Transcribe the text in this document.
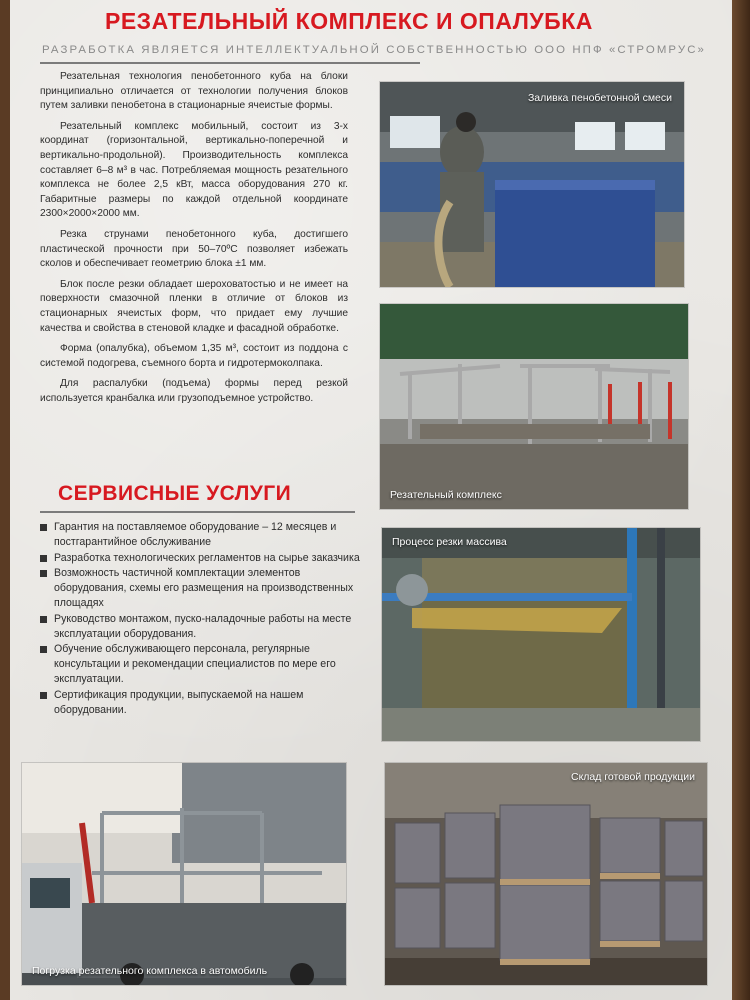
РЕЗАТЕЛЬНЫЙ КОМПЛЕКС И ОПАЛУБКА
РАЗРАБОТКА ЯВЛЯЕТСЯ ИНТЕЛЛЕКТУАЛЬНОЙ СОБСТВЕННОСТЬЮ ООО НПФ «СТРОМРУС»

Резательная технология пенобетонного куба на блоки принципиально отличается от технологии получения блоков путем заливки пенобетона в стационарные ячеистые формы.

Резательный комплекс мобильный, состоит из 3-х координат (горизонтальной, вертикально-поперечной и вертикально-продольной). Производительность комплекса составляет 6–8 м³ в час. Потребляемая мощность резательного комплекса не более 2,5 кВт, масса оборудования 270 кг. Габаритные размеры по каждой отдельной координате 2300×2000×2000 мм.

Резка струнами пенобетонного куба, достигшего пластической прочности при 50–70ºC позволяет избежать сколов и обеспечивает геометрию блока ±1 мм.

Блок после резки обладает шероховатостью и не имеет на поверхности смазочной пленки в отличие от блоков из стационарных ячеистых форм, что придает ему лучшие качества и свойства в стеновой кладке и фасадной обработке.

Форма (опалубка), объемом 1,35 м³, состоит из поддона с системой подогрева, съемного борта и гидротермоколпака.

Для распалубки (подъема) формы перед резкой используется кранбалка или грузоподъемное устройство.

СЕРВИСНЫЕ УСЛУГИ
Гарантия на поставляемое оборудование – 12 месяцев и постгарантийное обслуживание
Разработка технологических регламентов на сырье заказчика
Возможность частичной комплектации элементов оборудования, схемы его размещения на производственных площадях
Руководство монтажом, пуско-наладочные работы на месте эксплуатации оборудования.
Обучение обслуживающего персонала, регулярные консультации и рекомендации специалистов по мере его эксплуатации.
Сертификация продукции, выпускаемой на нашем оборудовании.
Заливка пенобетонной смеси
Резательный комплекс
Процесс резки массива
Склад готовой продукции
Погрузка резательного комплекса в автомобиль
